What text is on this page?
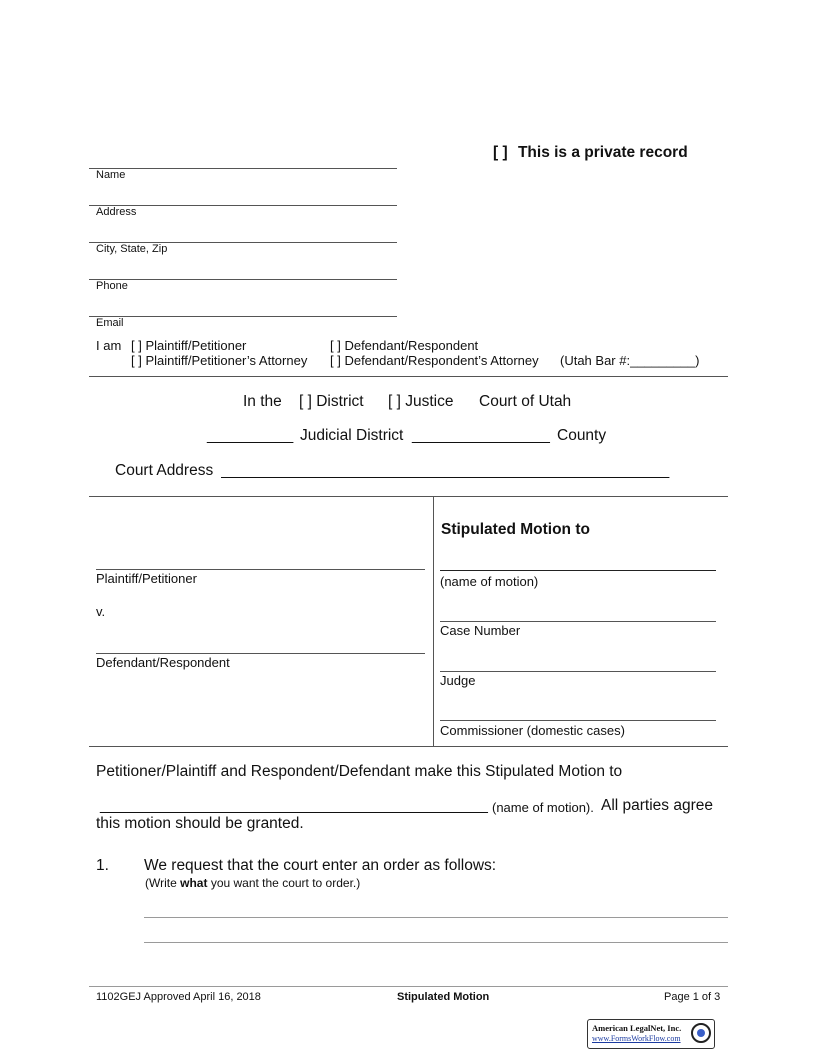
[ ] This is a private record
Name
Address
City, State, Zip
Phone
Email
I am [ ] Plaintiff/Petitioner	[ ] Defendant/Respondent
[ ] Plaintiff/Petitioner’s Attorney [ ] Defendant/Respondent’s Attorney (Utah Bar #:_________)
In the [ ] District [ ] Justice Court of Utah
__________ Judicial District ________________ County
Court Address ____________________________________________________
Plaintiff/Petitioner
v.
Defendant/Respondent
Stipulated Motion to
(name of motion)
Case Number
Judge
Commissioner (domestic cases)
Petitioner/Plaintiff and Respondent/Defendant make this Stipulated Motion to
_____________________________________________ (name of motion). All parties agree
this motion should be granted.
1. We request that the court enter an order as follows:
(Write what you want the court to order.)
1102GEJ Approved April 16, 2018	Stipulated Motion	Page 1 of 3
American LegalNet, Inc.
www.FormsWorkFlow.com
